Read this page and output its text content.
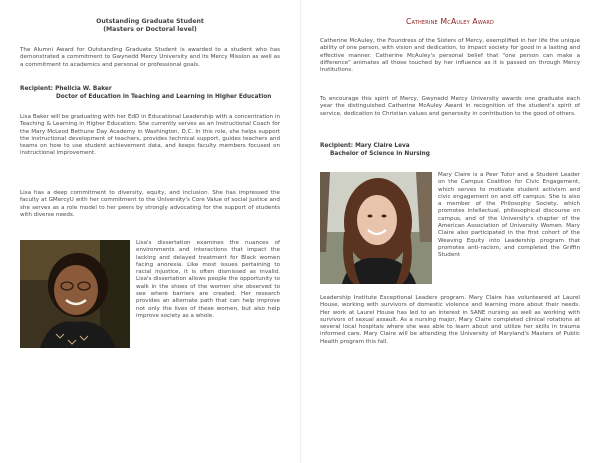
Outstanding Graduate Student
(Masters or Doctoral level)

The Alumni Award for Outstanding Graduate Student is awarded to a student who has demonstrated a commitment to Gwynedd Mercy University and its Mercy Mission as well as a commitment to academics and personal or professional goals.

Recipient: Phelicia W. Baker
Doctor of Education in Teaching and Learning in Higher Education

Lisa Baker will be graduating with her EdD in Educational Leadership with a concentration in Teaching & Learning in Higher Education. She currently serves as an Instructional Coach for the Mary McLeod Bethune Day Academy in Washington, D.C. In this role, she helps support the instructional development of teachers, provides technical support, guides teachers and teams on how to use student achievement data, and keeps faculty members focused on instructional improvement.

Lisa has a deep commitment to diversity, equity, and inclusion. She has impressed the faculty at GMercyU with her commitment to the University's Core Value of social justice and she serves as a role model to her peers by strongly advocating for the support of students with diverse needs.

Lisa's dissertation examines the nuances of environments and interactions that impact the lacking and delayed treatment for Black women facing anorexia. Like most issues pertaining to racial injustice, it is often dismissed as invalid. Lisa's dissertation allows people the opportunity to walk in the shoes of the women she observed to see where barriers are created. Her research provides an alternate path that can help improve not only the lives of these women, but also help improve society as a whole.

Catherine McAuley Award

Catherine McAuley, the Foundress of the Sisters of Mercy, exemplified in her life the unique ability of one person, with vision and dedication, to impact society for good in a lasting and effective manner. Catherine McAuley's personal belief that "one person can make a difference" animates all those touched by her influence as it is passed on through Mercy Institutions.

To encourage this spirit of Mercy, Gwynedd Mercy University awards one graduate each year the distinguished Catherine McAuley Award in recognition of the student's spirit of service, dedication to Christian values and generosity in contribution to the good of others.

Recipient: Mary Claire Leva
Bachelor of Science in Nursing

Mary Claire is a Peer Tutor and a Student Leader on the Campus Coalition for Civic Engagement, which serves to motivate student activism and civic engagement on and off campus. She is also a member of the Philosophy Society, which promotes intellectual, philosophical discourse on campus, and of the University's chapter of the American Association of University Women. Mary Claire also participated in the first cohort of the Weaving Equity into Leadership program that promotes anti-racism, and completed the Griffin Student

Leadership Institute Exceptional Leaders program. Mary Claire has volunteered at Laurel House, working with survivors of domestic violence and learning more about their needs. Her work at Laurel House has led to an interest in SANE nursing as well as working with survivors of sexual assault. As a nursing major, Mary Claire completed clinical rotations at several local hospitals where she was able to learn about and utilize her skills in trauma informed care. Mary Claire will be attending the University of Maryland's Masters of Public Health program this fall.
